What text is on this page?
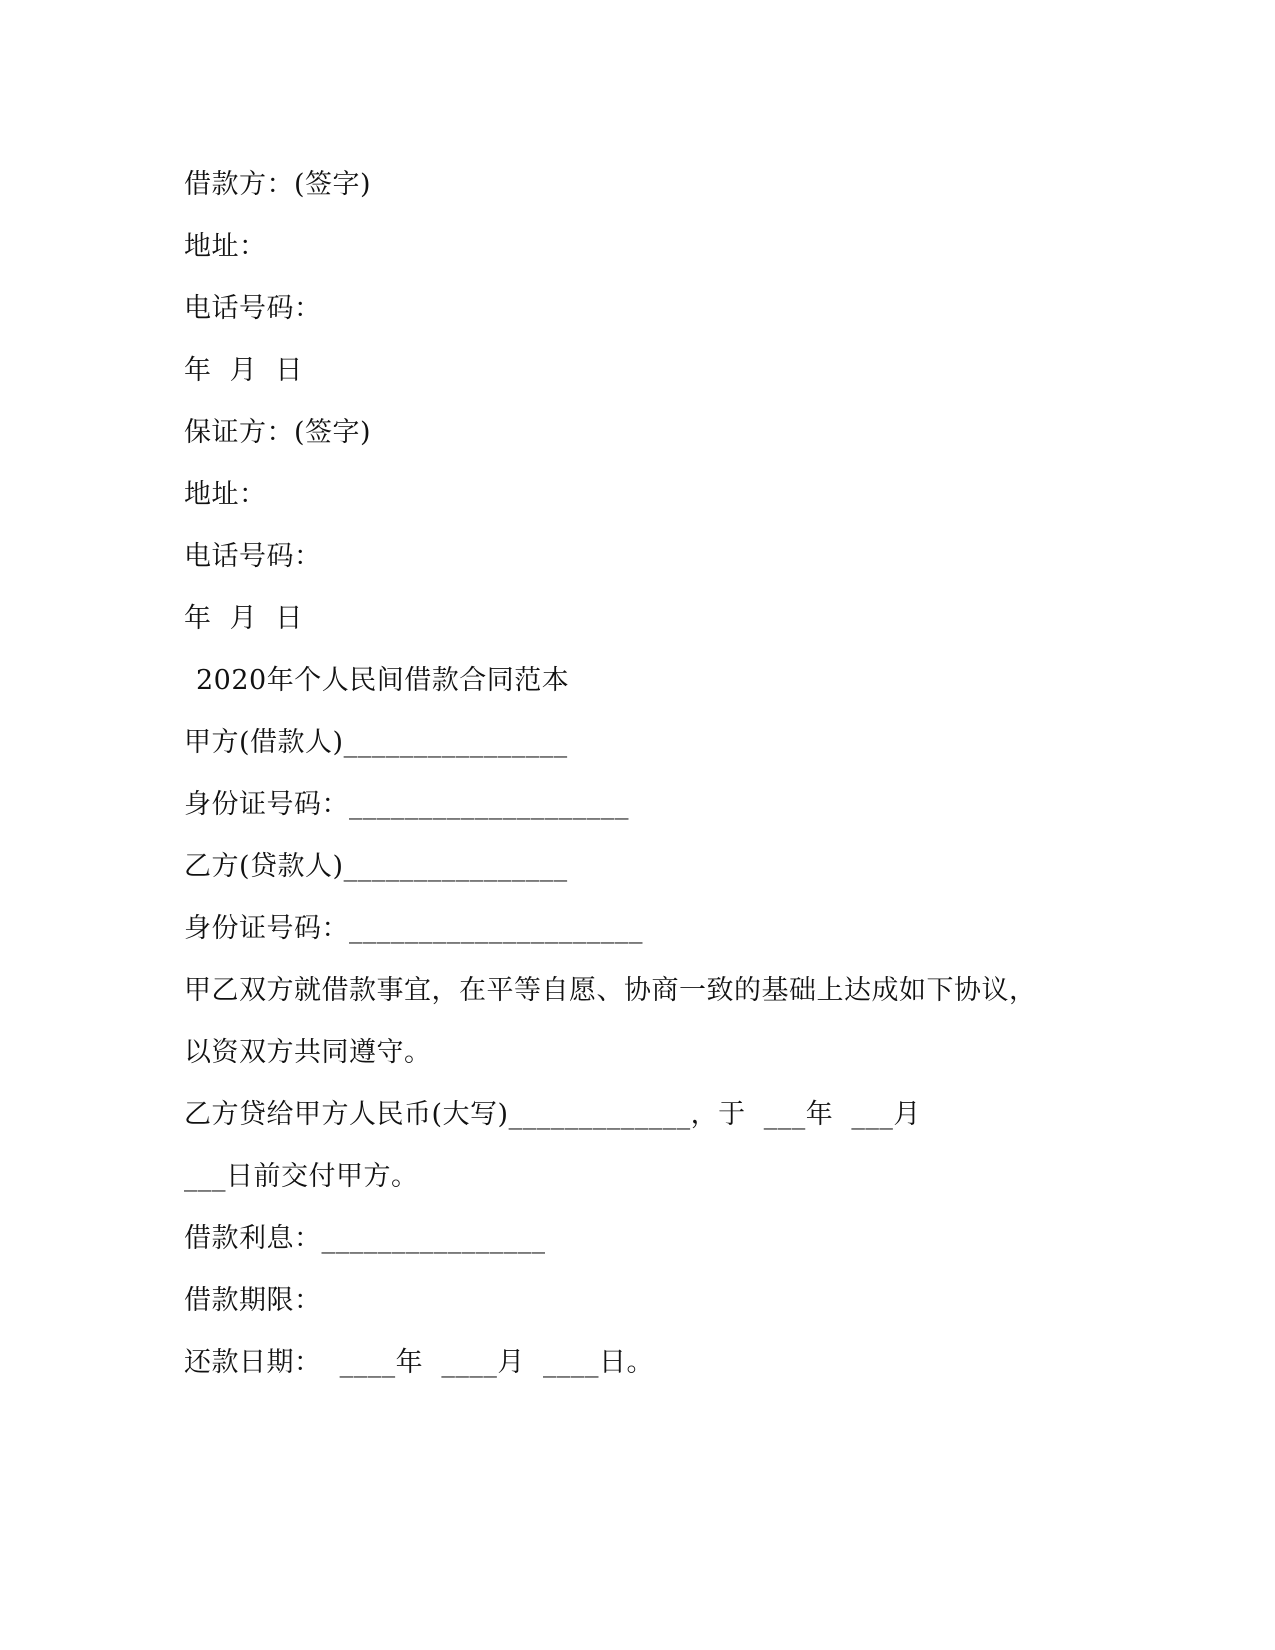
借款方：(签字)
地址：
电话号码：
年  月  日
保证方：(签字)
地址：
电话号码：
年  月  日
2020年个人民间借款合同范本
甲方(借款人)________________
身份证号码：____________________
乙方(贷款人)________________
身份证号码：_____________________
甲乙双方就借款事宜，在平等自愿、协商一致的基础上达成如下协议，
以资双方共同遵守。
乙方贷给甲方人民币(大写)_____________，于  ___年  ___月
___日前交付甲方。
借款利息：________________
借款期限：
还款日期：  ____年  ____月  ____日。
